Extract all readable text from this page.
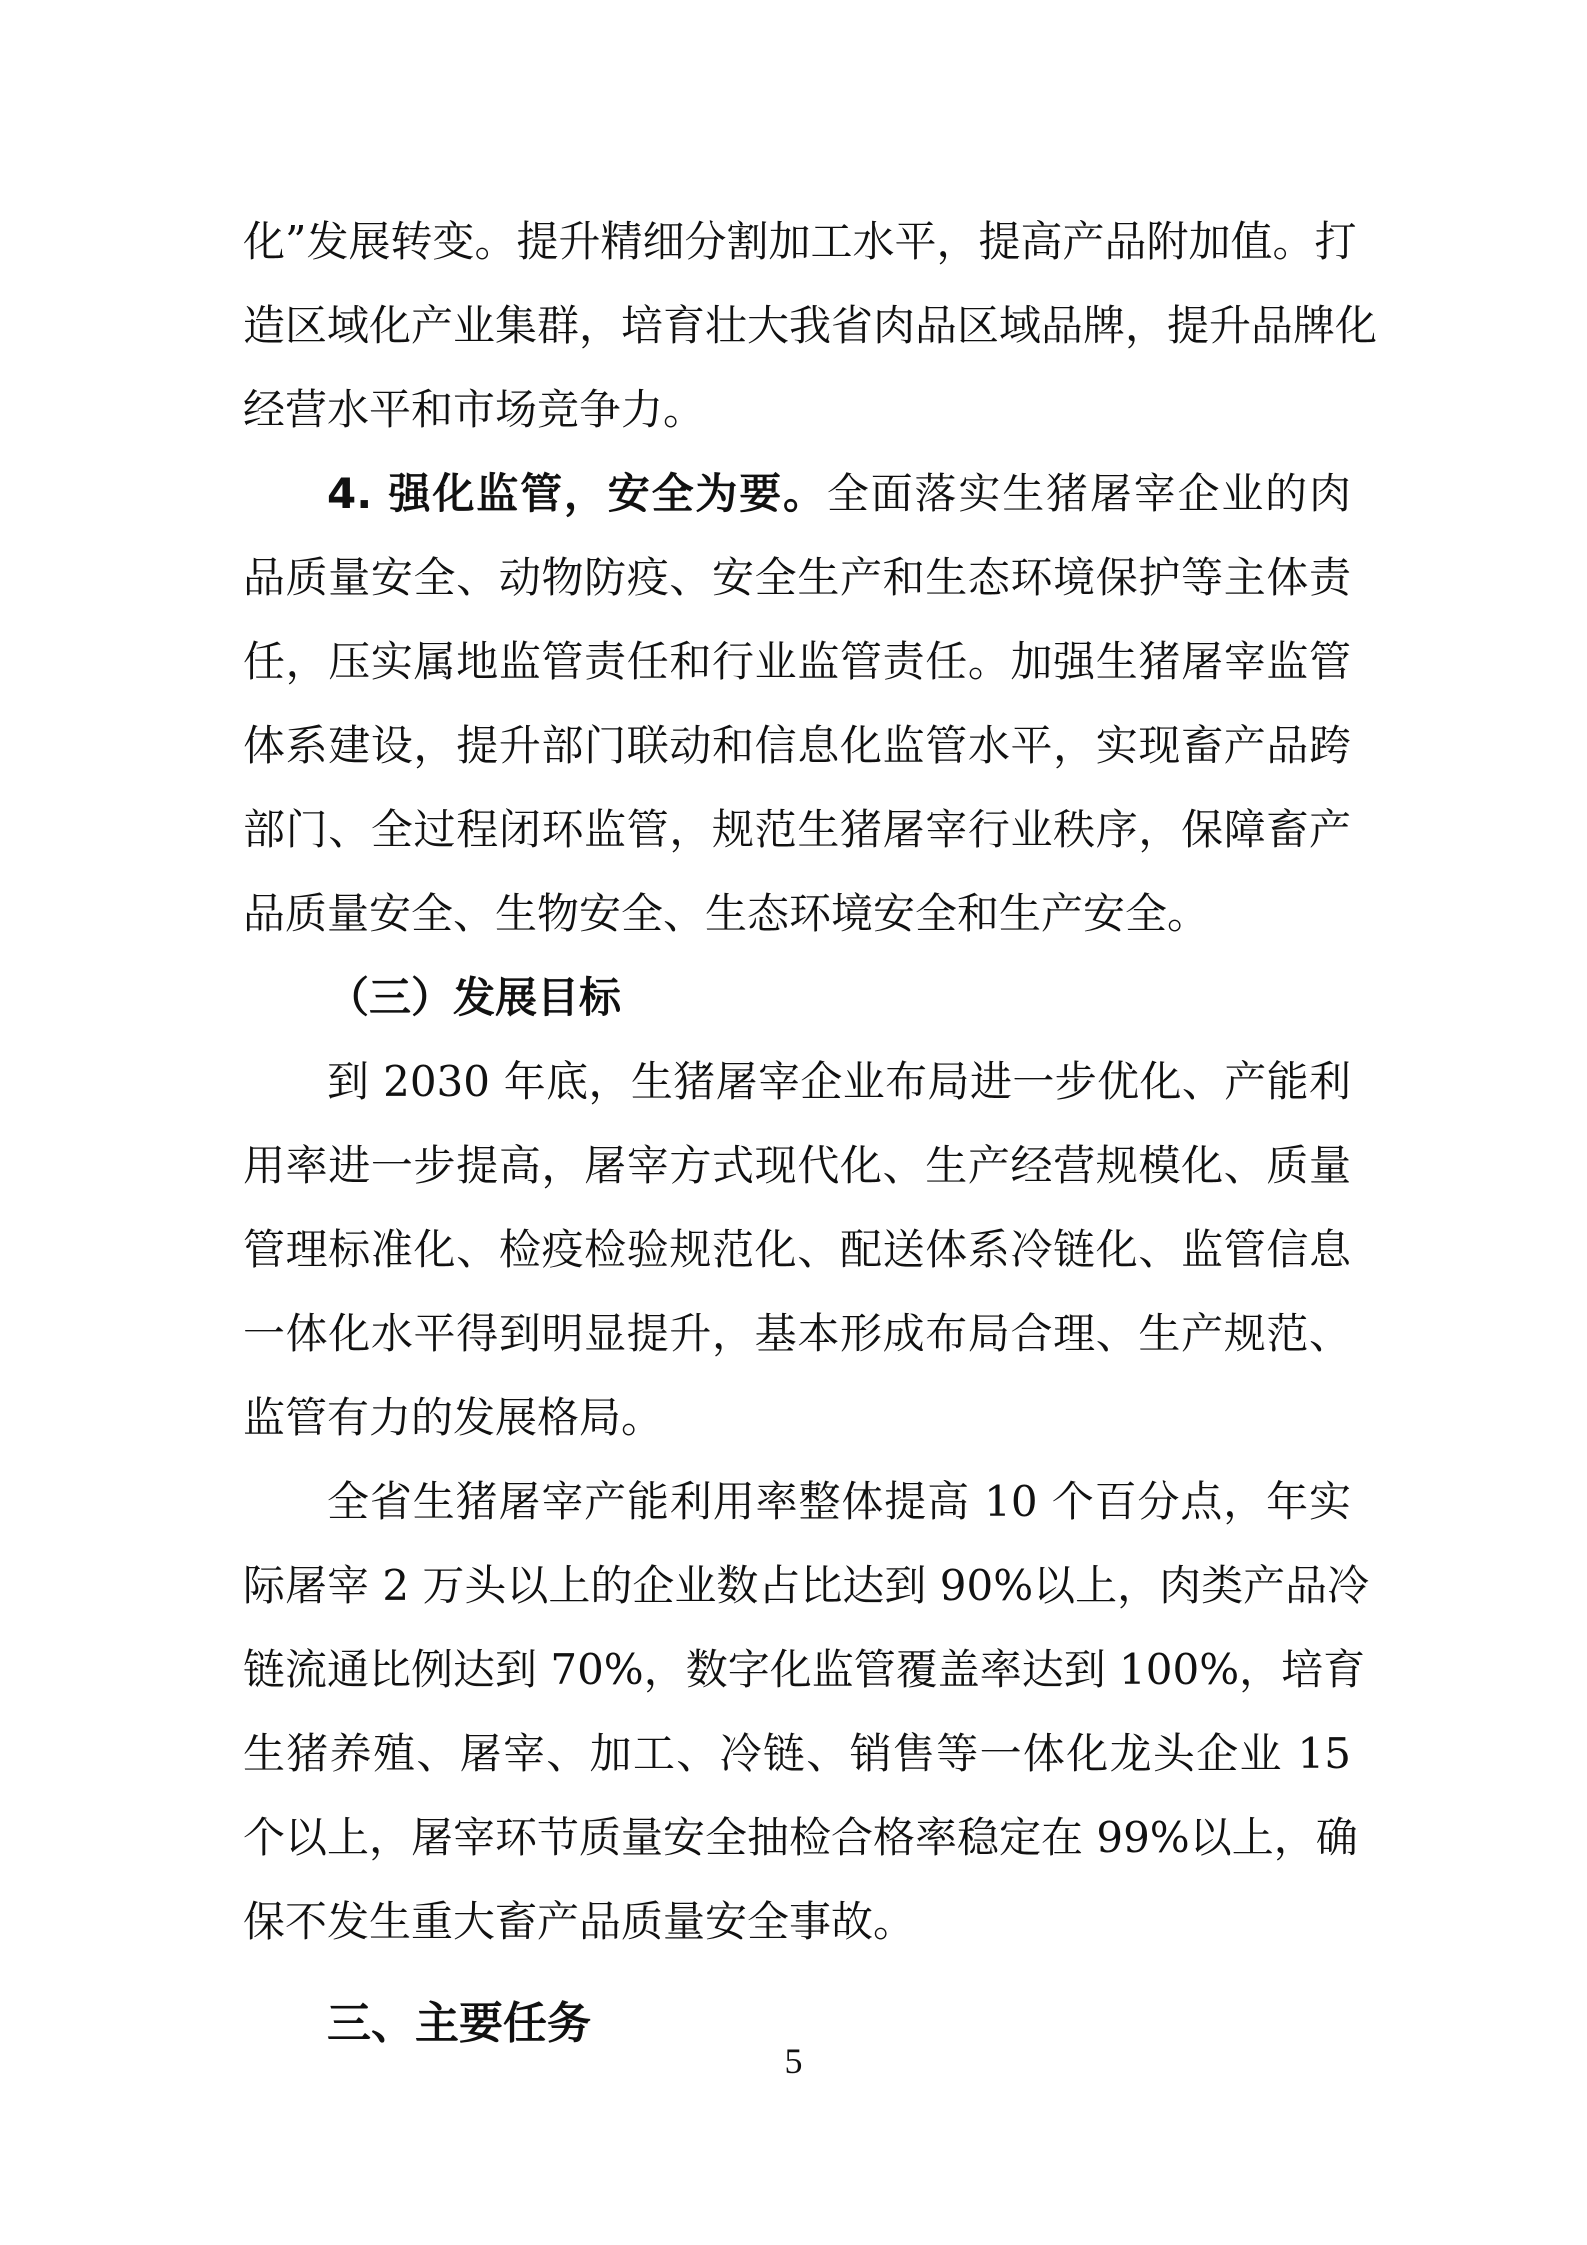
化”发展转变。提升精细分割加工水平，提高产品附加值。打
造区域化产业集群，培育壮大我省肉品区域品牌，提升品牌化
经营水平和市场竞争力。
4. 强化监管，安全为要。全面落实生猪屠宰企业的肉
品质量安全、动物防疫、安全生产和生态环境保护等主体责
任，压实属地监管责任和行业监管责任。加强生猪屠宰监管
体系建设，提升部门联动和信息化监管水平，实现畜产品跨
部门、全过程闭环监管，规范生猪屠宰行业秩序，保障畜产
品质量安全、生物安全、生态环境安全和生产安全。
（三）发展目标
到 2030 年底，生猪屠宰企业布局进一步优化、产能利
用率进一步提高，屠宰方式现代化、生产经营规模化、质量
管理标准化、检疫检验规范化、配送体系冷链化、监管信息
一体化水平得到明显提升，基本形成布局合理、生产规范、
监管有力的发展格局。
全省生猪屠宰产能利用率整体提高 10 个百分点，年实
际屠宰 2 万头以上的企业数占比达到 90%以上，肉类产品冷
链流通比例达到 70%，数字化监管覆盖率达到 100%，培育
生猪养殖、屠宰、加工、冷链、销售等一体化龙头企业 15
个以上，屠宰环节质量安全抽检合格率稳定在 99%以上，确
保不发生重大畜产品质量安全事故。
三、主要任务
5
